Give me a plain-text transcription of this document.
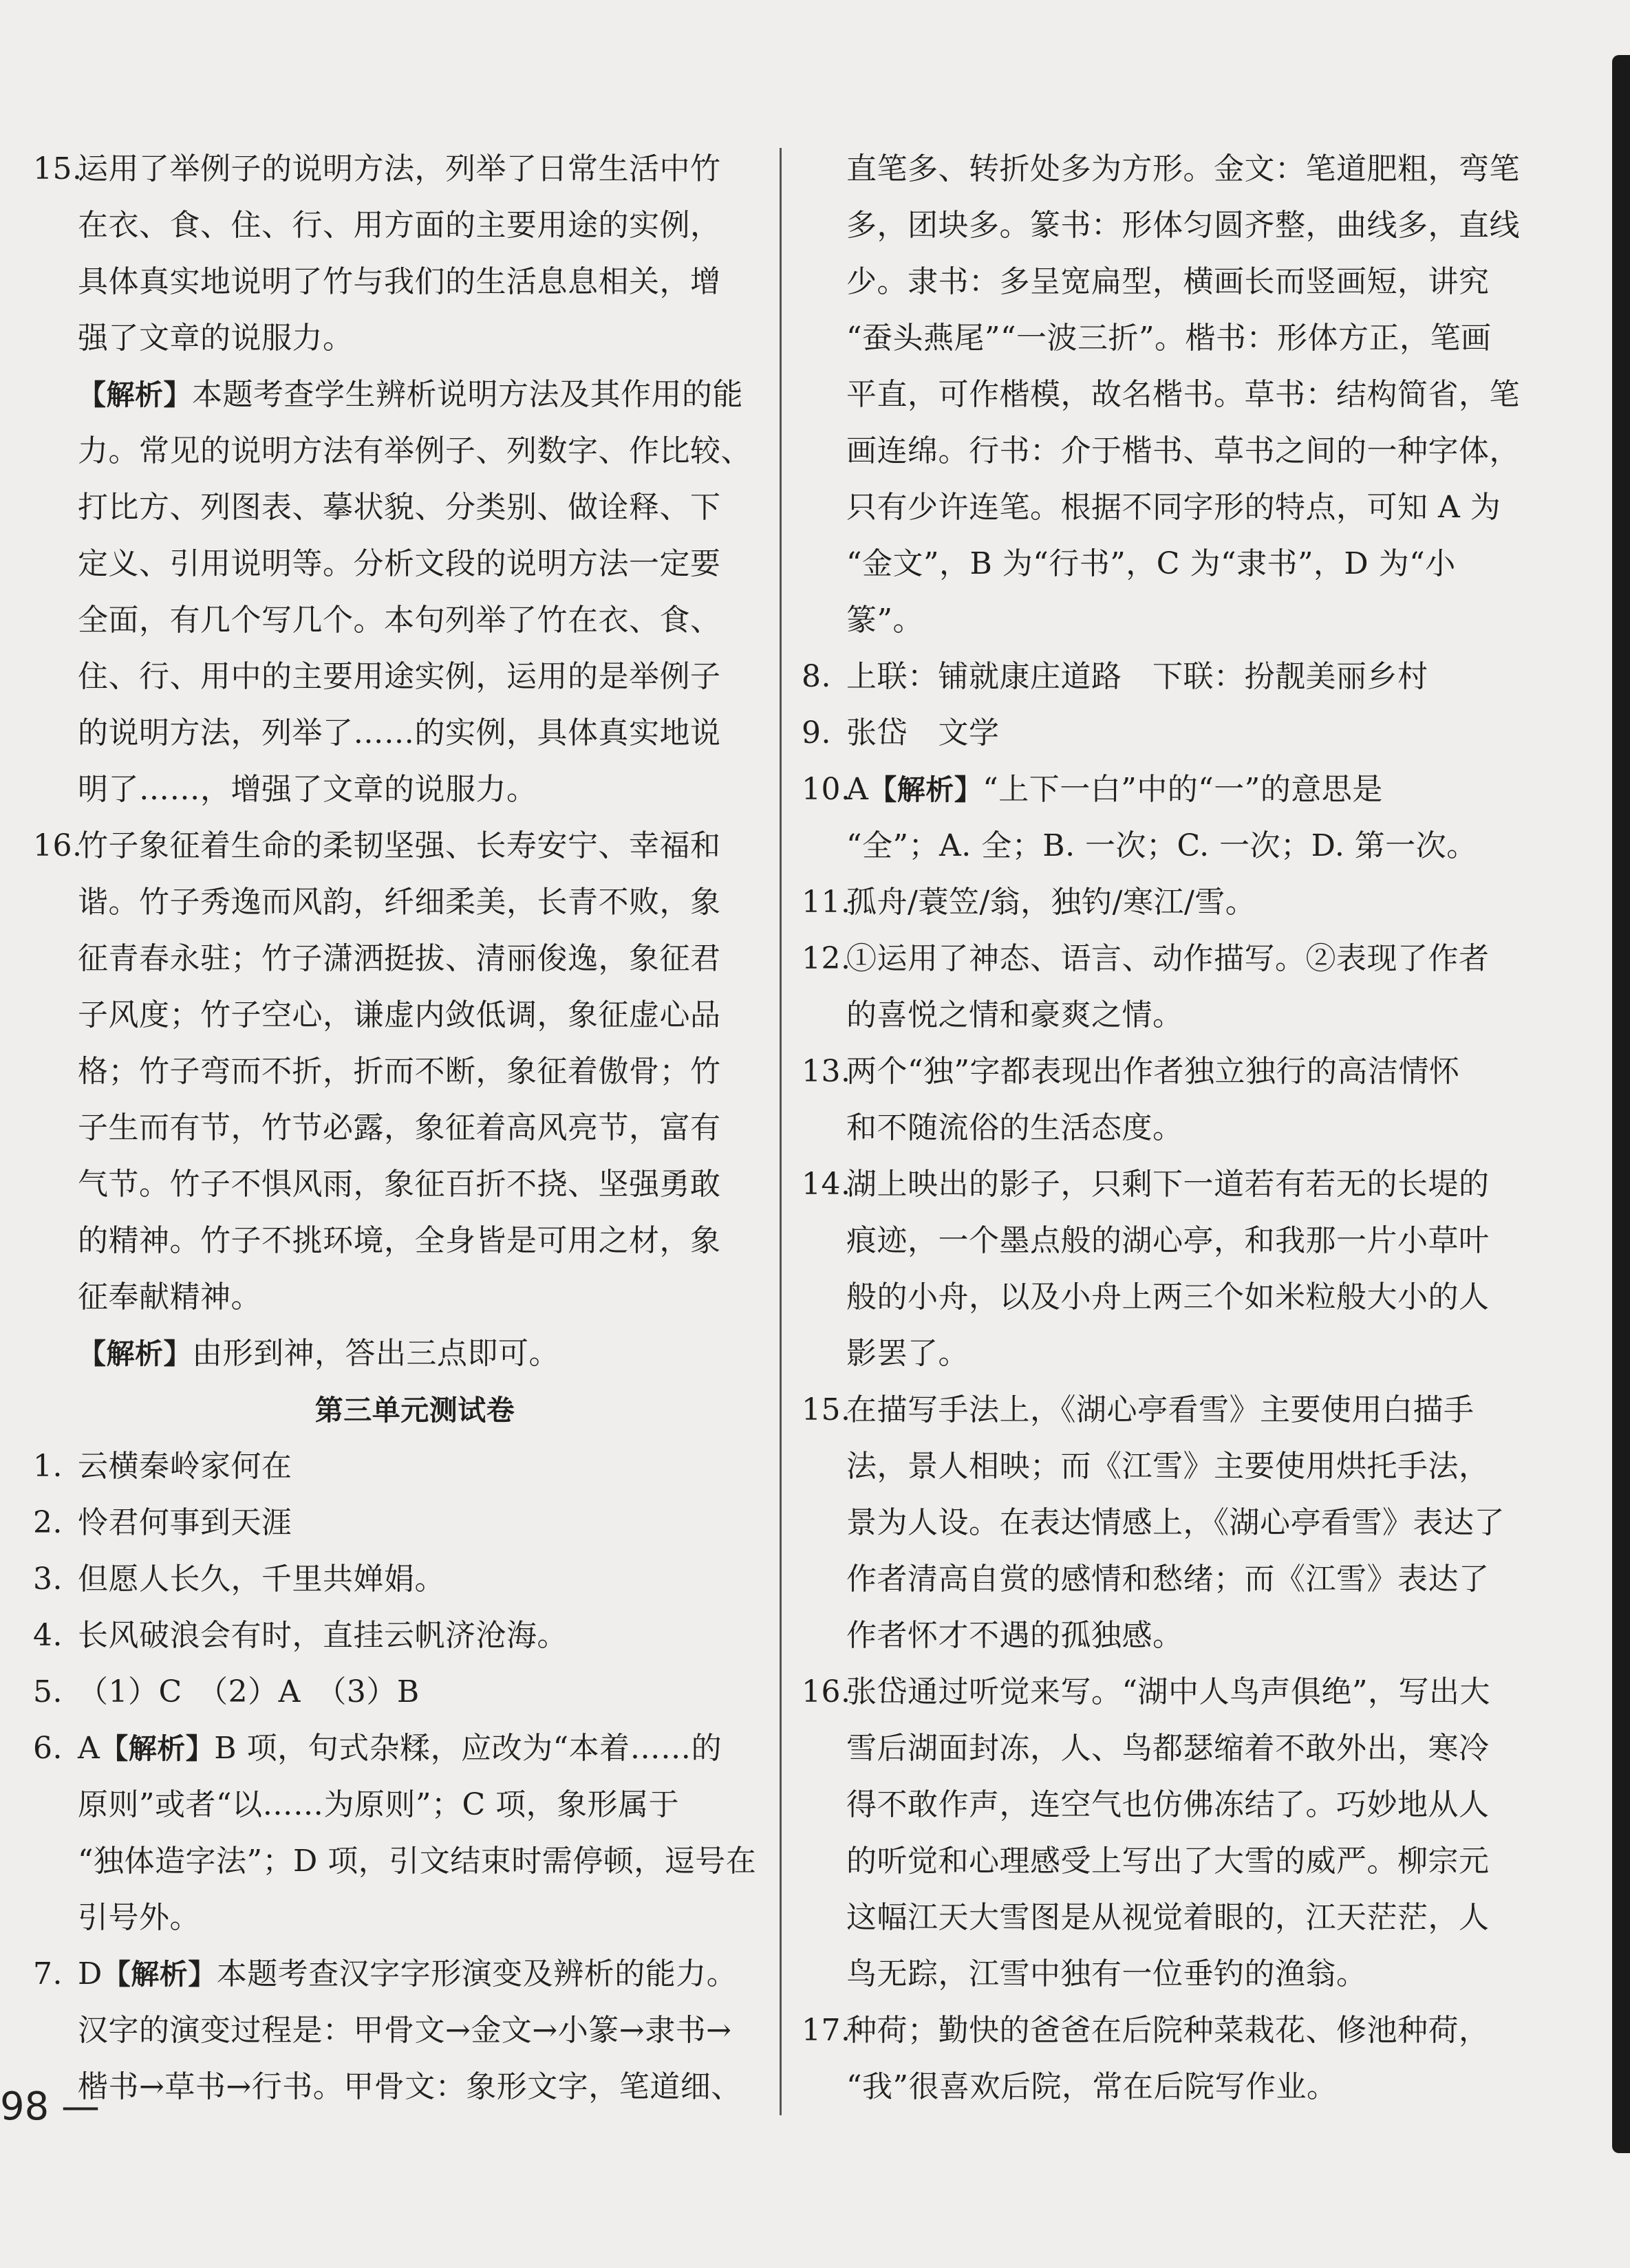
15.运用了举例子的说明方法，列举了日常生活中竹
在衣、食、住、行、用方面的主要用途的实例，
具体真实地说明了竹与我们的生活息息相关，增
强了文章的说服力。
【解析】本题考查学生辨析说明方法及其作用的能
力。常见的说明方法有举例子、列数字、作比较、
打比方、列图表、摹状貌、分类别、做诠释、下
定义、引用说明等。分析文段的说明方法一定要
全面，有几个写几个。本句列举了竹在衣、食、
住、行、用中的主要用途实例，运用的是举例子
的说明方法，列举了……的实例，具体真实地说
明了……，增强了文章的说服力。
16.竹子象征着生命的柔韧坚强、长寿安宁、幸福和
谐。竹子秀逸而风韵，纤细柔美，长青不败，象
征青春永驻；竹子潇洒挺拔、清丽俊逸，象征君
子风度；竹子空心，谦虚内敛低调，象征虚心品
格；竹子弯而不折，折而不断，象征着傲骨；竹
子生而有节，竹节必露，象征着高风亮节，富有
气节。竹子不惧风雨，象征百折不挠、坚强勇敢
的精神。竹子不挑环境，全身皆是可用之材，象
征奉献精神。
【解析】由形到神，答出三点即可。
第三单元测试卷
1. 云横秦岭家何在
2. 怜君何事到天涯
3. 但愿人长久，千里共婵娟。
4. 长风破浪会有时，直挂云帆济沧海。
5. （1）C　（2）A　（3）B
6. A【解析】B 项，句式杂糅，应改为“本着……的
原则”或者“以……为原则”；C 项，象形属于
“独体造字法”；D 项，引文结束时需停顿，逗号在
引号外。
7. D【解析】本题考查汉字字形演变及辨析的能力。
汉字的演变过程是：甲骨文→金文→小篆→隶书→
楷书→草书→行书。甲骨文：象形文字，笔道细、
直笔多、转折处多为方形。金文：笔道肥粗，弯笔
多，团块多。篆书：形体匀圆齐整，曲线多，直线
少。隶书：多呈宽扁型，横画长而竖画短，讲究
“蚕头燕尾”“一波三折”。楷书：形体方正，笔画
平直，可作楷模，故名楷书。草书：结构简省，笔
画连绵。行书：介于楷书、草书之间的一种字体，
只有少许连笔。根据不同字形的特点，可知 A 为
“金文”，B 为“行书”，C 为“隶书”，D 为“小
篆”。
8. 上联：铺就康庄道路　下联：扮靓美丽乡村
9. 张岱　文学
10.A【解析】“上下一白”中的“一”的意思是
“全”；A. 全；B. 一次；C. 一次；D. 第一次。
11.孤舟/蓑笠/翁，独钓/寒江/雪。
12.①运用了神态、语言、动作描写。②表现了作者
的喜悦之情和豪爽之情。
13.两个“独”字都表现出作者独立独行的高洁情怀
和不随流俗的生活态度。
14.湖上映出的影子，只剩下一道若有若无的长堤的
痕迹，一个墨点般的湖心亭，和我那一片小草叶
般的小舟，以及小舟上两三个如米粒般大小的人
影罢了。
15.在描写手法上，《湖心亭看雪》主要使用白描手
法，景人相映；而《江雪》主要使用烘托手法，
景为人设。在表达情感上，《湖心亭看雪》表达了
作者清高自赏的感情和愁绪；而《江雪》表达了
作者怀才不遇的孤独感。
16.张岱通过听觉来写。“湖中人鸟声俱绝”，写出大
雪后湖面封冻，人、鸟都瑟缩着不敢外出，寒冷
得不敢作声，连空气也仿佛冻结了。巧妙地从人
的听觉和心理感受上写出了大雪的威严。柳宗元
这幅江天大雪图是从视觉着眼的，江天茫茫，人
鸟无踪，江雪中独有一位垂钓的渔翁。
17.种荷；勤快的爸爸在后院种菜栽花、修池种荷，
“我”很喜欢后院，常在后院写作业。
98 —
